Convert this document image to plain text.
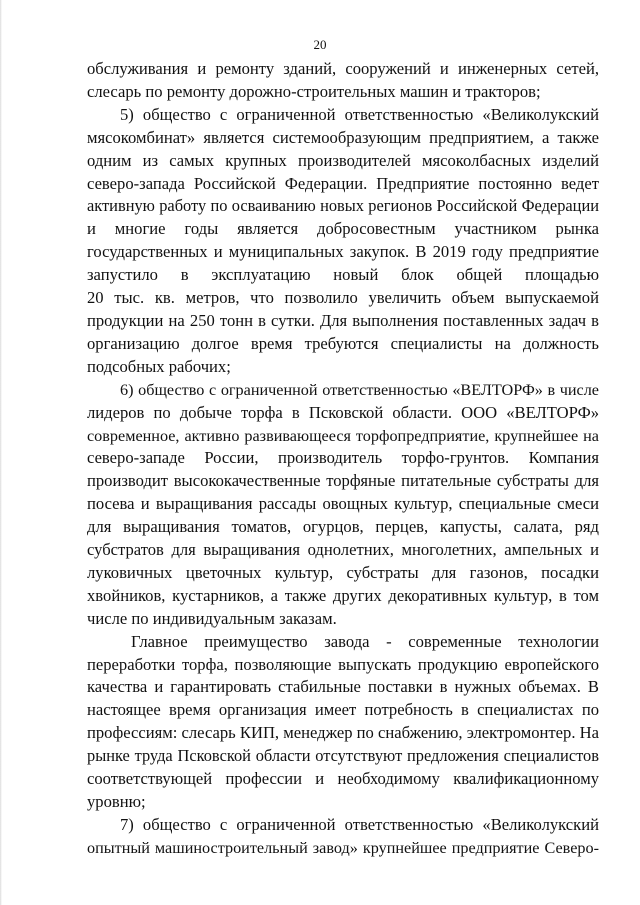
20
обслуживания и ремонту зданий, сооружений и инженерных сетей,
слесарь по ремонту дорожно-строительных машин и тракторов;
5) общество с ограниченной ответственностью «Великолукский
мясокомбинат» является системообразующим предприятием, а также
одним из самых крупных производителей мясоколбасных изделий
северо-запада Российской Федерации. Предприятие постоянно ведет
активную работу по осваиванию новых регионов Российской Федерации
и многие годы является добросовестным участником рынка
государственных и муниципальных закупок. В 2019 году предприятие
запустило в эксплуатацию новый блок общей площадью
20 тыс. кв. метров, что позволило увеличить объем выпускаемой
продукции на 250 тонн в сутки. Для выполнения поставленных задач в
организацию долгое время требуются специалисты на должность
подсобных рабочих;
6) общество с ограниченной ответственностью «ВЕЛТОРФ» в числе
лидеров по добыче торфа в Псковской области. ООО «ВЕЛТОРФ»
современное, активно развивающееся торфопредприятие, крупнейшее на
северо-западе России, производитель торфо-грунтов. Компания
производит высококачественные торфяные питательные субстраты для
посева и выращивания рассады овощных культур, специальные смеси
для выращивания томатов, огурцов, перцев, капусты, салата, ряд
субстратов для выращивания однолетних, многолетних, ампельных и
луковичных цветочных культур, субстраты для газонов, посадки
хвойников, кустарников, а также других декоративных культур, в том
числе по индивидуальным заказам.
Главное преимущество завода - современные технологии
переработки торфа, позволяющие выпускать продукцию европейского
качества и гарантировать стабильные поставки в нужных объемах. В
настоящее время организация имеет потребность в специалистах по
профессиям: слесарь КИП, менеджер по снабжению, электромонтер. На
рынке труда Псковской области отсутствуют предложения специалистов
соответствующей профессии и необходимому квалификационному
уровню;
7) общество с ограниченной ответственностью «Великолукский
опытный машиностроительный завод» крупнейшее предприятие Северо-
